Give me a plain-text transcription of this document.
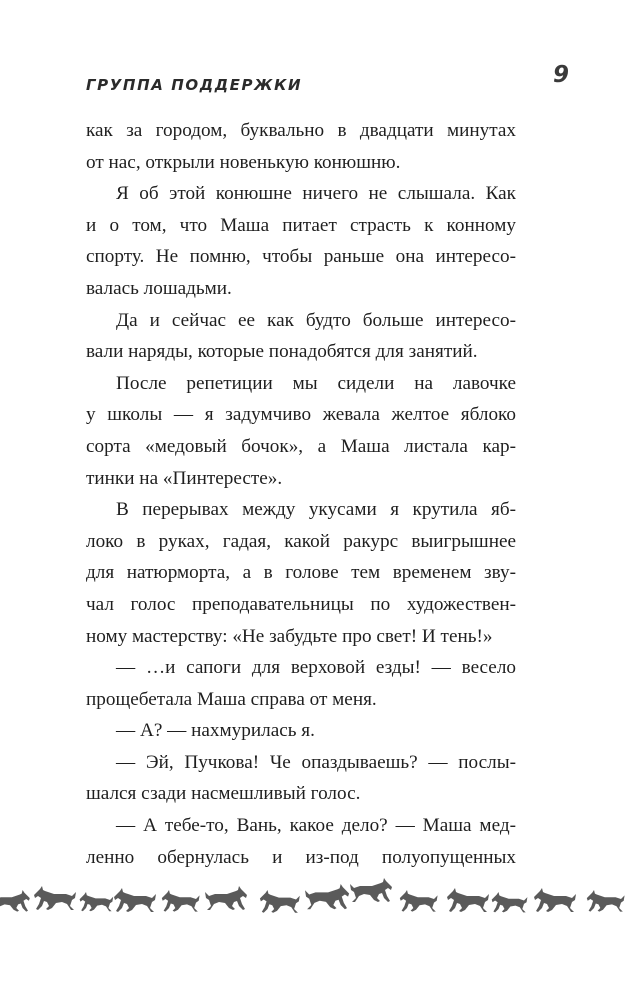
ГРУППА ПОДДЕРЖКИ	9
как за городом, буквально в двадцати минутах
от нас, открыли новенькую конюшню.
Я об этой конюшне ничего не слышала. Как
и о том, что Маша питает страсть к конному
спорту. Не помню, чтобы раньше она интересо-
валась лошадьми.
Да и сейчас ее как будто больше интересо-
вали наряды, которые понадобятся для занятий.
После репетиции мы сидели на лавочке
у школы — я задумчиво жевала желтое яблоко
сорта «медовый бочок», а Маша листала кар-
тинки на «Пинтересте».
В перерывах между укусами я крутила яб-
локо в руках, гадая, какой ракурс выигрышнее
для натюрморта, а в голове тем временем зву-
чал голос преподавательницы по художествен-
ному мастерству: «Не забудьте про свет! И тень!»
— …и сапоги для верховой езды! — весело
прощебетала Маша справа от меня.
— А? — нахмурилась я.
— Эй, Пучкова! Че опаздываешь? — послы-
шался сзади насмешливый голос.
— А тебе-то, Вань, какое дело? — Маша мед-
ленно обернулась и из-под полуопущенных
